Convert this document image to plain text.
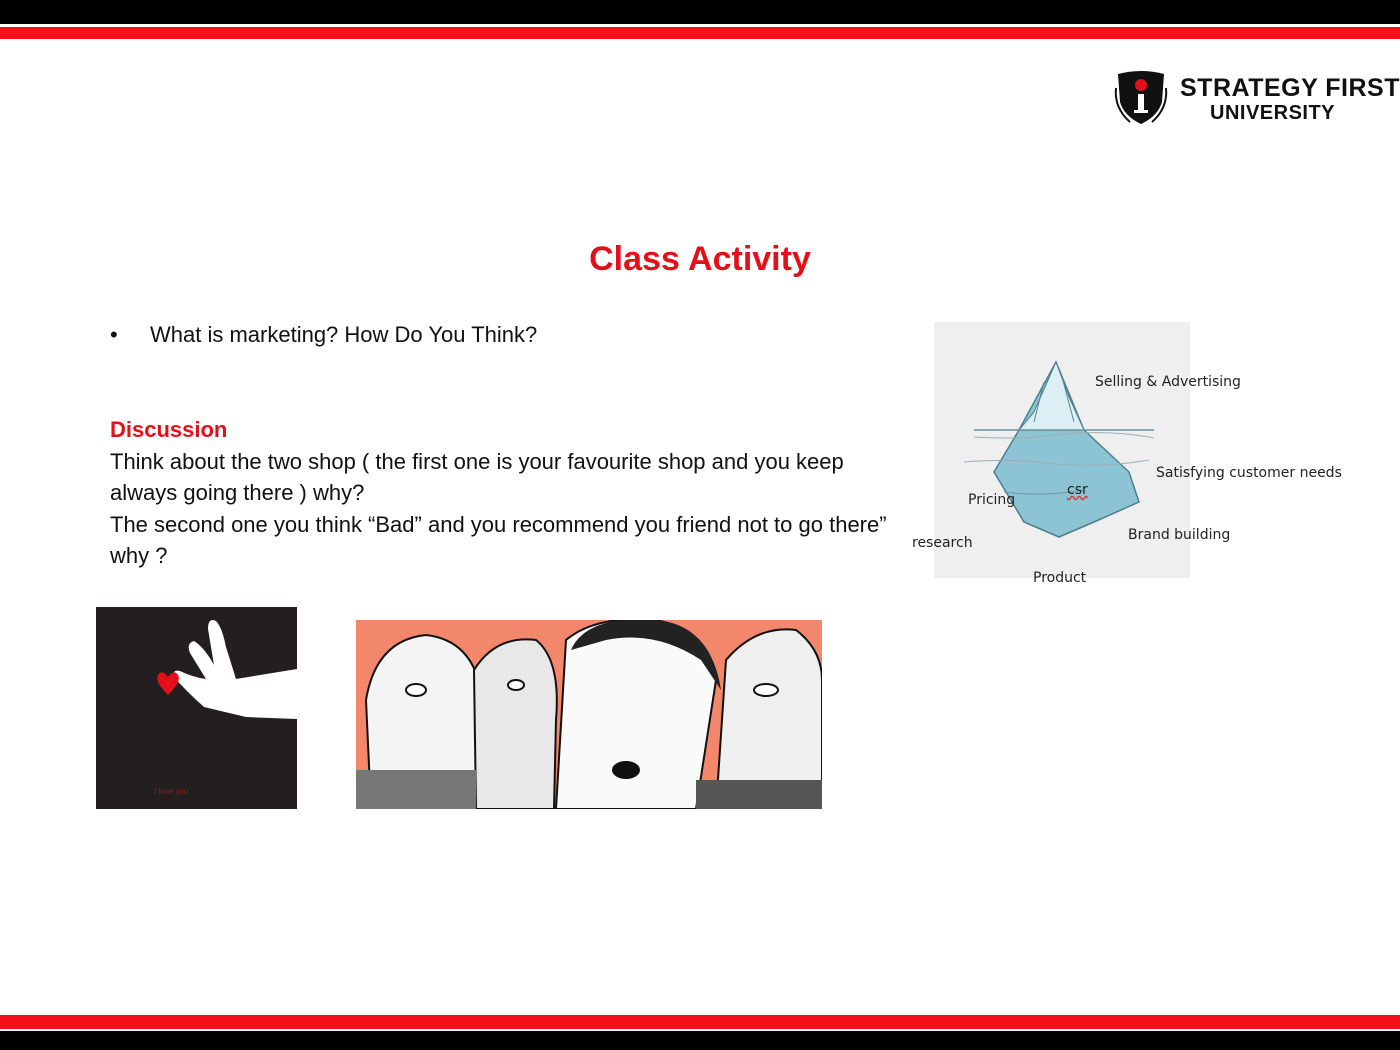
STRATEGY FIRST
UNIVERSITY
Class Activity
• What is marketing? How Do You Think?
Discussion
Think about the two shop ( the first one is your favourite shop and you keep always going there ) why?
The second one you think “Bad” and you recommend you friend not to go there” why ?
Selling & Advertising
Satisfying customer needs
csr
Pricing
Brand building
research
Product
I love you
